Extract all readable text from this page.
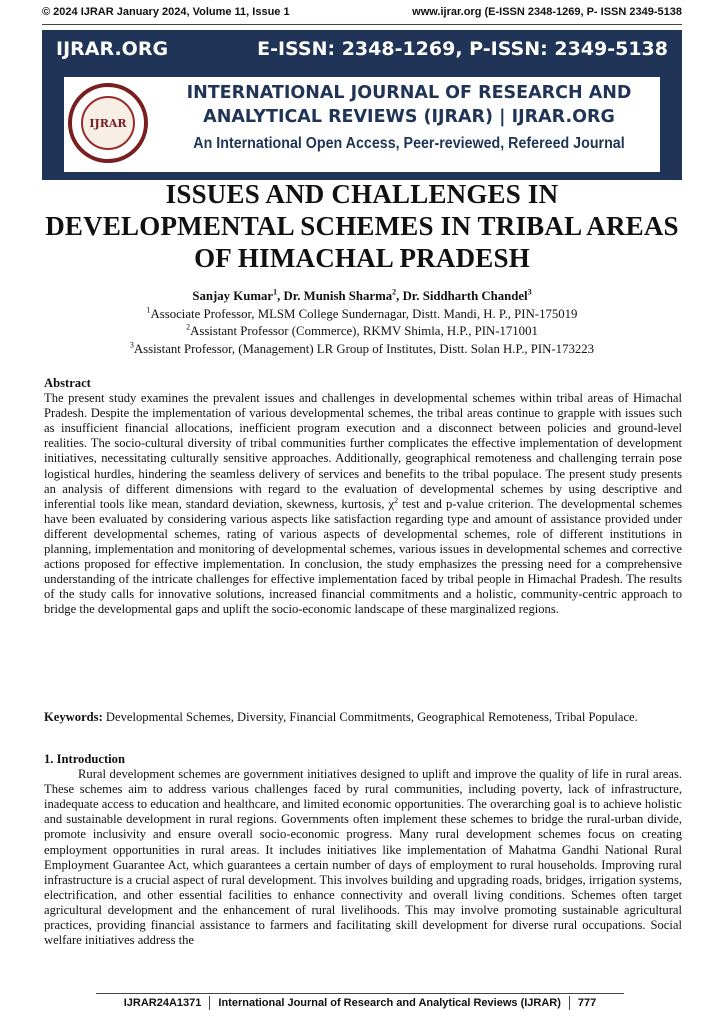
© 2024 IJRAR January 2024, Volume 11, Issue 1	www.ijrar.org (E-ISSN 2348-1269, P- ISSN 2349-5138
IJRAR.ORG	E-ISSN: 2348-1269, P-ISSN: 2349-5138
IJRAR
INTERNATIONAL JOURNAL OF RESEARCH AND ANALYTICAL REVIEWS (IJRAR) | IJRAR.ORG
An International Open Access, Peer-reviewed, Refereed Journal
ISSUES AND CHALLENGES IN DEVELOPMENTAL SCHEMES IN TRIBAL AREAS OF HIMACHAL PRADESH
Sanjay Kumar$^1$, Dr. Munish Sharma$^2$, Dr. Siddharth Chandel$^3$
$^1$Associate Professor, MLSM College Sundernagar, Distt. Mandi, H. P., PIN-175019
$^2$Assistant Professor (Commerce), RKMV Shimla, H.P., PIN-171001
$^3$Assistant Professor, (Management) LR Group of Institutes, Distt. Solan H.P., PIN-173223
Abstract

The present study examines the prevalent issues and challenges in developmental schemes within tribal areas of Himachal Pradesh. Despite the implementation of various developmental schemes, the tribal areas continue to grapple with issues such as insufficient financial allocations, inefficient program execution and a disconnect between policies and ground-level realities. The socio-cultural diversity of tribal communities further complicates the effective implementation of development initiatives, necessitating culturally sensitive approaches. Additionally, geographical remoteness and challenging terrain pose logistical hurdles, hindering the seamless delivery of services and benefits to the tribal populace. The present study presents an analysis of different dimensions with regard to the evaluation of developmental schemes by using descriptive and inferential tools like mean, standard deviation, skewness, kurtosis, $\chi^2$ test and p-value criterion. The developmental schemes have been evaluated by considering various aspects like satisfaction regarding type and amount of assistance provided under different developmental schemes, rating of various aspects of developmental schemes, role of different institutions in planning, implementation and monitoring of developmental schemes, various issues in developmental schemes and corrective actions proposed for effective implementation. In conclusion, the study emphasizes the pressing need for a comprehensive understanding of the intricate challenges for effective implementation faced by tribal people in Himachal Pradesh. The results of the study calls for innovative solutions, increased financial commitments and a holistic, community-centric approach to bridge the developmental gaps and uplift the socio-economic landscape of these marginalized regions.

Keywords: Developmental Schemes, Diversity, Financial Commitments, Geographical Remoteness, Tribal Populace.
1. Introduction

Rural development schemes are government initiatives designed to uplift and improve the quality of life in rural areas. These schemes aim to address various challenges faced by rural communities, including poverty, lack of infrastructure, inadequate access to education and healthcare, and limited economic opportunities. The overarching goal is to achieve holistic and sustainable development in rural regions. Governments often implement these schemes to bridge the rural-urban divide, promote inclusivity and ensure overall socio-economic progress. Many rural development schemes focus on creating employment opportunities in rural areas. It includes initiatives like implementation of Mahatma Gandhi National Rural Employment Guarantee Act, which guarantees a certain number of days of employment to rural households. Improving rural infrastructure is a crucial aspect of rural development. This involves building and upgrading roads, bridges, irrigation systems, electrification, and other essential facilities to enhance connectivity and overall living conditions. Schemes often target agricultural development and the enhancement of rural livelihoods. This may involve promoting sustainable agricultural practices, providing financial assistance to farmers and facilitating skill development for diverse rural occupations. Social welfare initiatives address the

IJRAR24A1371 International Journal of Research and Analytical Reviews (IJRAR) 777
